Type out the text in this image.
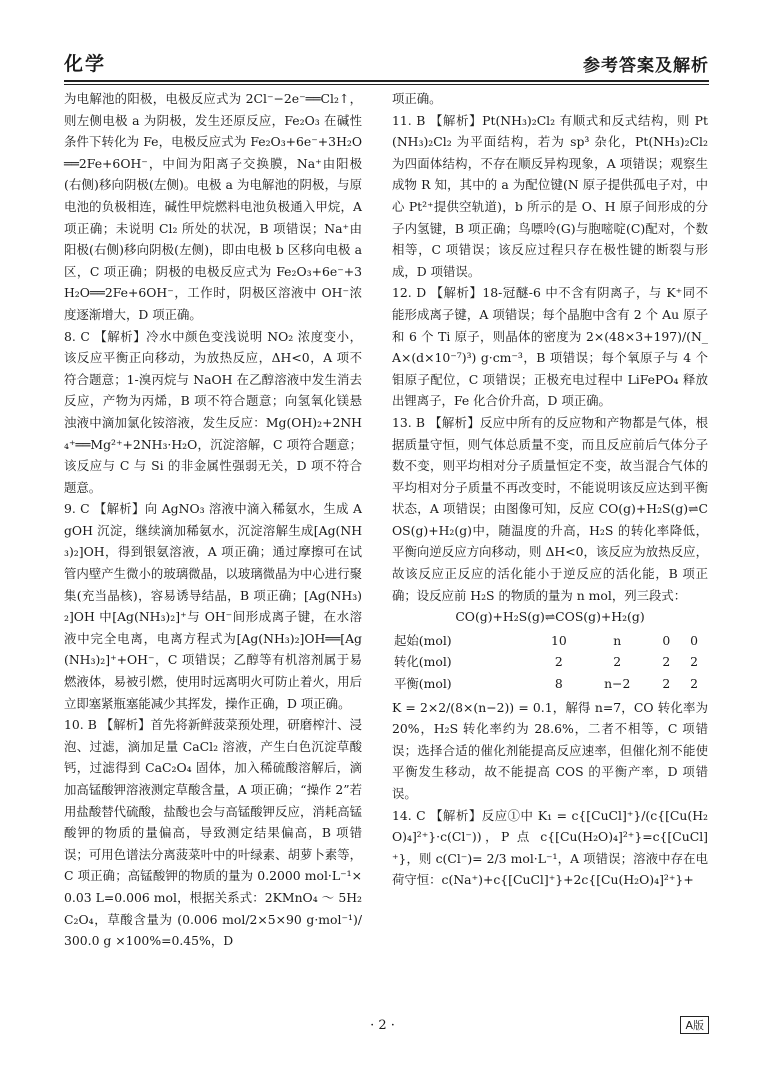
化学	参考答案及解析

为电解池的阳极，电极反应式为 2Cl⁻−2e⁻══Cl₂↑，则左侧电极 a 为阴极，发生还原反应，Fe₂O₃ 在碱性条件下转化为 Fe，电极反应式为 Fe₂O₃+6e⁻+3H₂O══2Fe+6OH⁻，中间为阳离子交换膜，Na⁺由阳极(右侧)移向阴极(左侧)。电极 a 为电解池的阴极，与原电池的负极相连，碱性甲烷燃料电池负极通入甲烷，A 项正确；未说明 Cl₂ 所处的状况，B 项错误；Na⁺由阳极(右侧)移向阴极(左侧)，即由电极 b 区移向电极 a 区，C 项正确；阴极的电极反应式为 Fe₂O₃+6e⁻+3H₂O══2Fe+6OH⁻，工作时，阴极区溶液中 OH⁻浓度逐渐增大，D 项正确。

8. C 【解析】冷水中颜色变浅说明 NO₂ 浓度变小，该反应平衡正向移动，为放热反应，ΔH<0，A 项不符合题意；1-溴丙烷与 NaOH 在乙醇溶液中发生消去反应，产物为丙烯，B 项不符合题意；向氢氧化镁悬浊液中滴加氯化铵溶液，发生反应：Mg(OH)₂+2NH₄⁺══Mg²⁺+2NH₃·H₂O，沉淀溶解，C 项符合题意；该反应与 C 与 Si 的非金属性强弱无关，D 项不符合题意。

9. C 【解析】向 AgNO₃ 溶液中滴入稀氨水，生成 AgOH 沉淀，继续滴加稀氨水，沉淀溶解生成[Ag(NH₃)₂]OH，得到银氨溶液，A 项正确；通过摩擦可在试管内壁产生微小的玻璃微晶，以玻璃微晶为中心进行聚集(充当晶核)，容易诱导结晶，B 项正确；[Ag(NH₃)₂]OH 中[Ag(NH₃)₂]⁺与 OH⁻间形成离子键，在水溶液中完全电离，电离方程式为[Ag(NH₃)₂]OH══[Ag(NH₃)₂]⁺+OH⁻，C 项错误；乙醇等有机溶剂属于易燃液体，易被引燃，使用时远离明火可防止着火，用后立即塞紧瓶塞能减少其挥发，操作正确，D 项正确。

10. B 【解析】首先将新鲜菠菜预处理，研磨榨汁、浸泡、过滤，滴加足量 CaCl₂ 溶液，产生白色沉淀草酸钙，过滤得到 CaC₂O₄ 固体，加入稀硫酸溶解后，滴加高锰酸钾溶液测定草酸含量，A 项正确；“操作 2”若用盐酸替代硫酸，盐酸也会与高锰酸钾反应，消耗高锰酸钾的物质的量偏高，导致测定结果偏高，B 项错误；可用色谱法分离菠菜叶中的叶绿素、胡萝卜素等，C 项正确；高锰酸钾的物质的量为 0.2000 mol·L⁻¹×0.03 L=0.006 mol，根据关系式：2KMnO₄ ～ 5H₂C₂O₄，草酸含量为 (0.006 mol/2×5×90 g·mol⁻¹)/300.0 g ×100%=0.45%，D

项正确。

11. B 【解析】Pt(NH₃)₂Cl₂ 有顺式和反式结构，则 Pt(NH₃)₂Cl₂ 为平面结构，若为 sp³ 杂化，Pt(NH₃)₂Cl₂ 为四面体结构，不存在顺反异构现象，A 项错误；观察生成物 R 知，其中的 a 为配位键(N 原子提供孤电子对，中心 Pt²⁺提供空轨道)，b 所示的是 O、H 原子间形成的分子内氢键，B 项正确；鸟嘌呤(G)与胞嘧啶(C)配对，个数相等，C 项错误；该反应过程只存在极性键的断裂与形成，D 项错误。

12. D 【解析】18-冠醚-6 中不含有阴离子，与 K⁺同不能形成离子键，A 项错误；每个晶胞中含有 2 个 Au 原子和 6 个 Ti 原子，则晶体的密度为 2×(48×3+197)/(N_A×(d×10⁻⁷)³) g·cm⁻³，B 项错误；每个氧原子与 4 个钼原子配位，C 项错误；正极充电过程中 LiFePO₄ 释放出锂离子，Fe 化合价升高，D 项正确。

13. B 【解析】反应中所有的反应物和产物都是气体，根据质量守恒，则气体总质量不变，而且反应前后气体分子数不变，则平均相对分子质量恒定不变，故当混合气体的平均相对分子质量不再改变时，不能说明该反应达到平衡状态，A 项错误；由图像可知，反应 CO(g)+H₂S(g)⇌COS(g)+H₂(g)中，随温度的升高，H₂S 的转化率降低，平衡向逆反应方向移动，则 ΔH<0，该反应为放热反应，故该反应正反应的活化能小于逆反应的活化能，B 项正确；设反应前 H₂S 的物质的量为 n mol，列三段式：

CO(g)+H₂S(g)⇌COS(g)+H₂(g)
起始(mol)	10	n	0	0
转化(mol)	2	2	2	2
平衡(mol)	8	n−2	2	2

K = 2×2/(8×(n−2)) = 0.1，解得 n=7，CO 转化率为 20%，H₂S 转化率约为 28.6%，二者不相等，C 项错误；选择合适的催化剂能提高反应速率，但催化剂不能使平衡发生移动，故不能提高 COS 的平衡产率，D 项错误。

14. C 【解析】反应①中 K₁ = c{[CuCl]⁺}/(c{[Cu(H₂O)₄]²⁺}·c(Cl⁻))，P 点 c{[Cu(H₂O)₄]²⁺}=c{[CuCl]⁺}，则 c(Cl⁻)= 2/3 mol·L⁻¹，A 项错误；溶液中存在电荷守恒：c(Na⁺)+c{[CuCl]⁺}+2c{[Cu(H₂O)₄]²⁺}+

· 2 ·	A版
